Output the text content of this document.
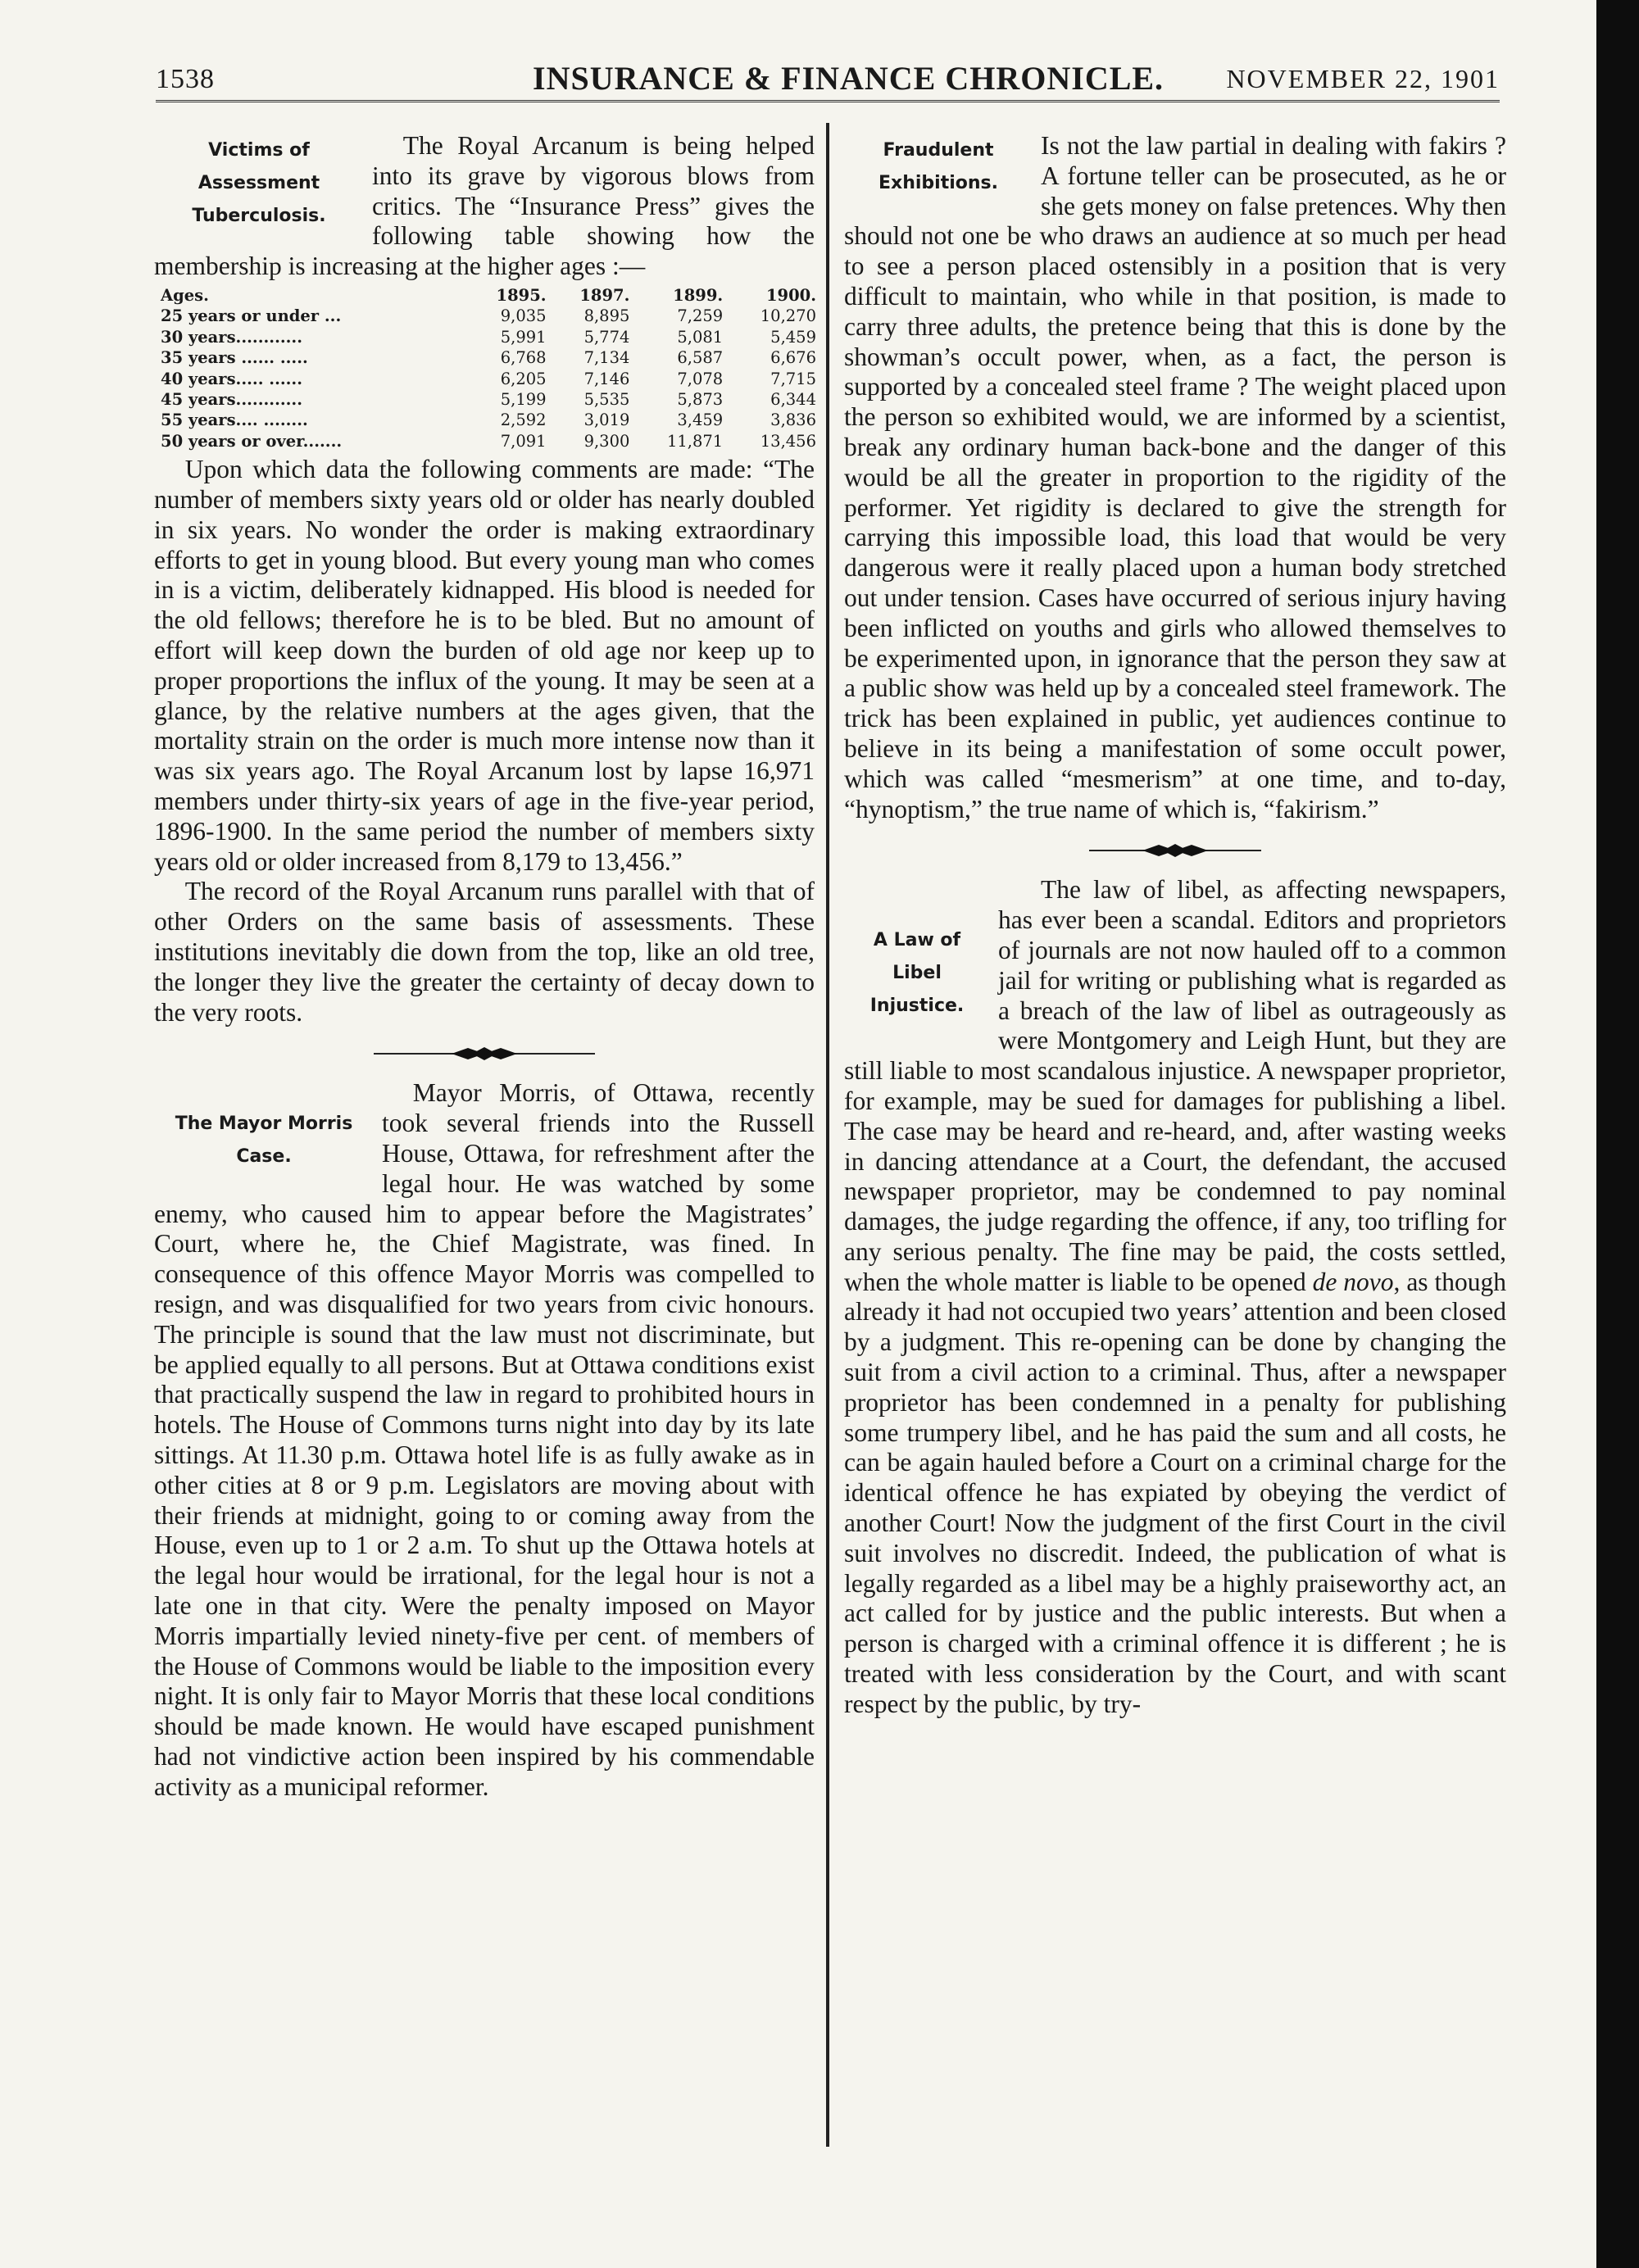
1538	INSURANCE & FINANCE CHRONICLE. NOVEMBER 22, 1901
Victims of
Assessment
Tuberculosis.

The Royal Arcanum is being helped into its grave by vigorous blows from critics. The “Insurance Press” gives the following table showing how the membership is increasing at the higher ages :—

Ages.	1895.	1897.	1899.	1900.
25 years or under ...	9,035	8,895	7,259	10,270
30 years............	5,991	5,774	5,081	5,459
35 years ...... .....	6,768	7,134	6,587	6,676
40 years..... ......	6,205	7,146	7,078	7,715
45 years............	5,199	5,535	5,873	6,344
55 years.... ........	2,592	3,019	3,459	3,836
50 years or over.......	7,091	9,300	11,871	13,456

Upon which data the following comments are made: “The number of members sixty years old or older has nearly doubled in six years. No wonder the order is making extraordinary efforts to get in young blood. But every young man who comes in is a victim, deliberately kidnapped. His blood is needed for the old fellows; therefore he is to be bled. But no amount of effort will keep down the burden of old age nor keep up to proper proportions the influx of the young. It may be seen at a glance, by the relative numbers at the ages given, that the mortality strain on the order is much more intense now than it was six years ago. The Royal Arcanum lost by lapse 16,971 members under thirty-six years of age in the five-year period, 1896-1900. In the same period the number of members sixty years old or older increased from 8,179 to 13,456.”

The record of the Royal Arcanum runs parallel with that of other Orders on the same basis of assessments. These institutions inevitably die down from the top, like an old tree, the longer they live the greater the certainty of decay down to the very roots.

The Mayor Morris
Case.

Mayor Morris, of Ottawa, recently took several friends into the Russell House, Ottawa, for refreshment after the legal hour. He was watched by some enemy, who caused him to appear before the Magistrates’ Court, where he, the Chief Magistrate, was fined. In consequence of this offence Mayor Morris was compelled to resign, and was disqualified for two years from civic honours. The principle is sound that the law must not discriminate, but be applied equally to all persons. But at Ottawa conditions exist that practically suspend the law in regard to prohibited hours in hotels. The House of Commons turns night into day by its late sittings. At 11.30 p.m. Ottawa hotel life is as fully awake as in other cities at 8 or 9 p.m. Legislators are moving about with their friends at midnight, going to or coming away from the House, even up to 1 or 2 a.m. To shut up the Ottawa hotels at the legal hour would be irrational, for the legal hour is not a late one in that city. Were the penalty imposed on Mayor Morris impartially levied ninety-five per cent. of members of the House of Commons would be liable to the imposition every night. It is only fair to Mayor Morris that these local conditions should be made known. He would have escaped punishment had not vindictive action been inspired by his commendable activity as a municipal reformer.

Fraudulent
Exhibitions.

Is not the law partial in dealing with fakirs ? A fortune teller can be prosecuted, as he or she gets money on false pretences. Why then should not one be who draws an audience at so much per head to see a person placed ostensibly in a position that is very difficult to maintain, who while in that position, is made to carry three adults, the pretence being that this is done by the showman’s occult power, when, as a fact, the person is supported by a concealed steel frame ? The weight placed upon the person so exhibited would, we are informed by a scientist, break any ordinary human back-bone and the danger of this would be all the greater in proportion to the rigidity of the performer. Yet rigidity is declared to give the strength for carrying this impossible load, this load that would be very dangerous were it really placed upon a human body stretched out under tension. Cases have occurred of serious injury having been inflicted on youths and girls who allowed themselves to be experimented upon, in ignorance that the person they saw at a public show was held up by a concealed steel framework. The trick has been explained in public, yet audiences continue to believe in its being a manifestation of some occult power, which was called “mesmerism” at one time, and to-day, “hynoptism,” the true name of which is, “fakirism.”

A Law of
Libel
Injustice.

The law of libel, as affecting newspapers, has ever been a scandal. Editors and proprietors of journals are not now hauled off to a common jail for writing or publishing what is regarded as a breach of the law of libel as outrageously as were Montgomery and Leigh Hunt, but they are still liable to most scandalous injustice. A newspaper proprietor, for example, may be sued for damages for publishing a libel. The case may be heard and re-heard, and, after wasting weeks in dancing attendance at a Court, the defendant, the accused newspaper proprietor, may be condemned to pay nominal damages, the judge regarding the offence, if any, too trifling for any serious penalty. The fine may be paid, the costs settled, when the whole matter is liable to be opened de novo, as though already it had not occupied two years’ attention and been closed by a judgment. This re-opening can be done by changing the suit from a civil action to a criminal. Thus, after a newspaper proprietor has been condemned in a penalty for publishing some trumpery libel, and he has paid the sum and all costs, he can be again hauled before a Court on a criminal charge for the identical offence he has expiated by obeying the verdict of another Court! Now the judgment of the first Court in the civil suit involves no discredit. Indeed, the publication of what is legally regarded as a libel may be a highly praiseworthy act, an act called for by justice and the public interests. But when a person is charged with a criminal offence it is different ; he is treated with less consideration by the Court, and with scant respect by the public, by try-
